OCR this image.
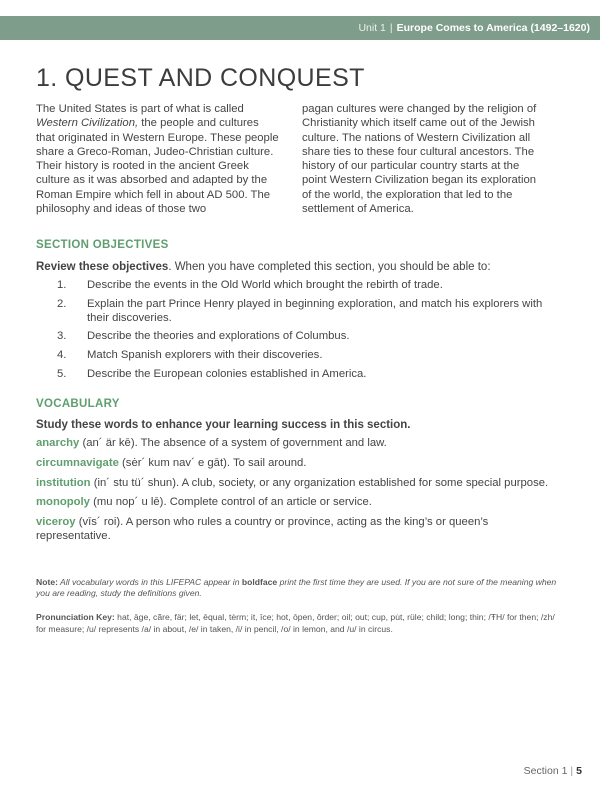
Unit 1 | Europe Comes to America (1492–1620)
1. QUEST AND CONQUEST

The United States is part of what is called Western Civilization, the people and cultures that originated in Western Europe. These people share a Greco-Roman, Judeo-Christian culture. Their history is rooted in the ancient Greek culture as it was absorbed and adapted by the Roman Empire which fell in about AD 500. The philosophy and ideas of those two

pagan cultures were changed by the religion of Christianity which itself came out of the Jewish culture. The nations of Western Civilization all share ties to these four cultural ancestors. The history of our particular country starts at the point Western Civilization began its exploration of the world, the exploration that led to the settlement of America.

SECTION OBJECTIVES

Review these objectives. When you have completed this section, you should be able to:

1. Describe the events in the Old World which brought the rebirth of trade.
2. Explain the part Prince Henry played in beginning exploration, and match his explorers with their discoveries.
3. Describe the theories and explorations of Columbus.
4. Match Spanish explorers with their discoveries.
5. Describe the European colonies established in America.
VOCABULARY

Study these words to enhance your learning success in this section.

anarchy (an´ är kē). The absence of a system of government and law.
circumnavigate (sėr´ kum nav´ e gāt). To sail around.
institution (in´ stu tü´ shun). A club, society, or any organization established for some special purpose.
monopoly (mu nop´ u lē). Complete control of an article or service.
viceroy (vīs´ roi). A person who rules a country or province, acting as the king’s or queen’s representative.

Note: All vocabulary words in this LIFEPAC appear in boldface print the first time they are used. If you are not sure of the meaning when you are reading, study the definitions given.

Pronunciation Key: hat, āge, cãre, fär; let, ēqual, tėrm; it, īce; hot, ōpen, ôrder; oil; out; cup, pu̇t, rüle; child; long; thin; /ŦH/ for then; /zh/ for measure; /u/ represents /a/ in about, /e/ in taken, /i/ in pencil, /o/ in lemon, and /u/ in circus.

Section 1 | 5
